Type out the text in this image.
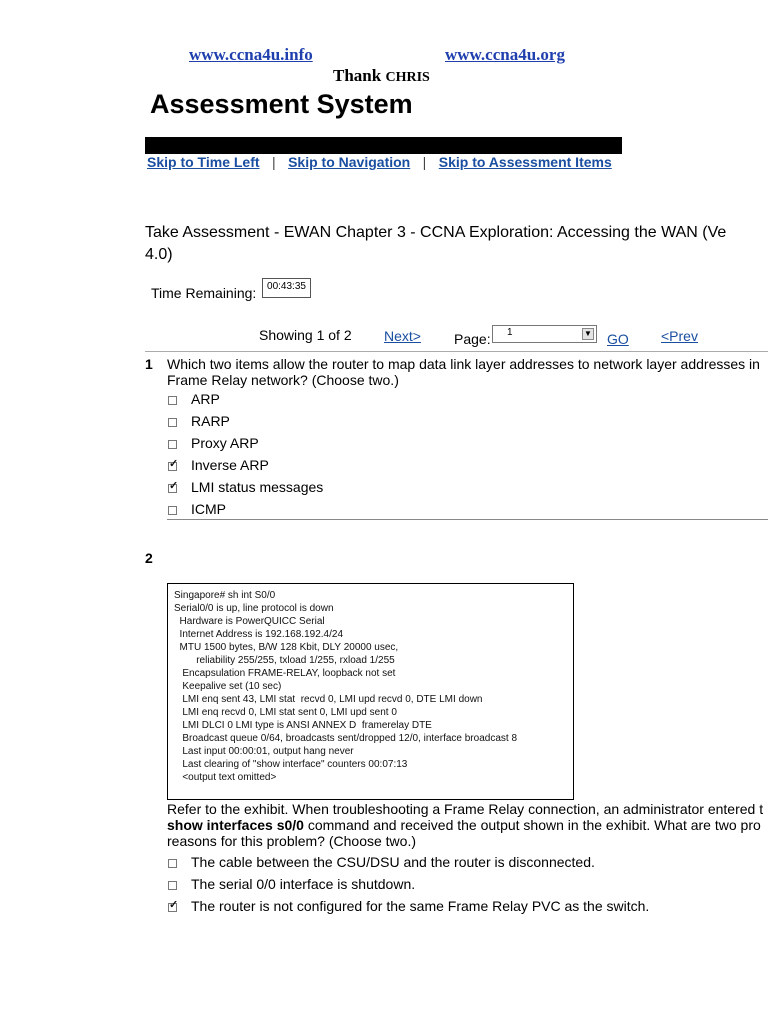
www.ccna4u.info	www.ccna4u.org
Thank CHRIS
Assessment System
Skip to Time Left | Skip to Navigation | Skip to Assessment Items
Take Assessment - EWAN Chapter 3 - CCNA Exploration: Accessing the WAN (Ve
4.0)
Time Remaining:	00:43:35
Showing 1 of 2 Next> Page: 1	▼ GO <Prev
1 Which two items allow the router to map data link layer addresses to network layer addresses in
Frame Relay network? (Choose two.)
ARP
RARP
Proxy ARP
✓ Inverse ARP
✓ LMI status messages
ICMP
2
Singapore# sh int S0/0
Serial0/0 is up, line protocol is down
Hardware is PowerQUICC Serial
Internet Address is 192.168.192.4/24
MTU 1500 bytes, B/W 128 Kbit, DLY 20000 usec,
reliability 255/255, txload 1/255, rxload 1/255
Encapsulation FRAME-RELAY, loopback not set
Keepalive set (10 sec)
LMI enq sent 43, LMI stat  recvd 0, LMI upd recvd 0, DTE LMI down
LMI enq recvd 0, LMI stat sent 0, LMI upd sent 0
LMI DLCI 0 LMI type is ANSI ANNEX D  framerelay DTE
Broadcast queue 0/64, broadcasts sent/dropped 12/0, interface broadcast 8
Last input 00:00:01, output hang never
Last clearing of "show interface" counters 00:07:13
<output text omitted>
Refer to the exhibit. When troubleshooting a Frame Relay connection, an administrator entered t
show interfaces s0/0 command and received the output shown in the exhibit. What are two pro
reasons for this problem? (Choose two.)
The cable between the CSU/DSU and the router is disconnected.
The serial 0/0 interface is shutdown.
✓ The router is not configured for the same Frame Relay PVC as the switch.
